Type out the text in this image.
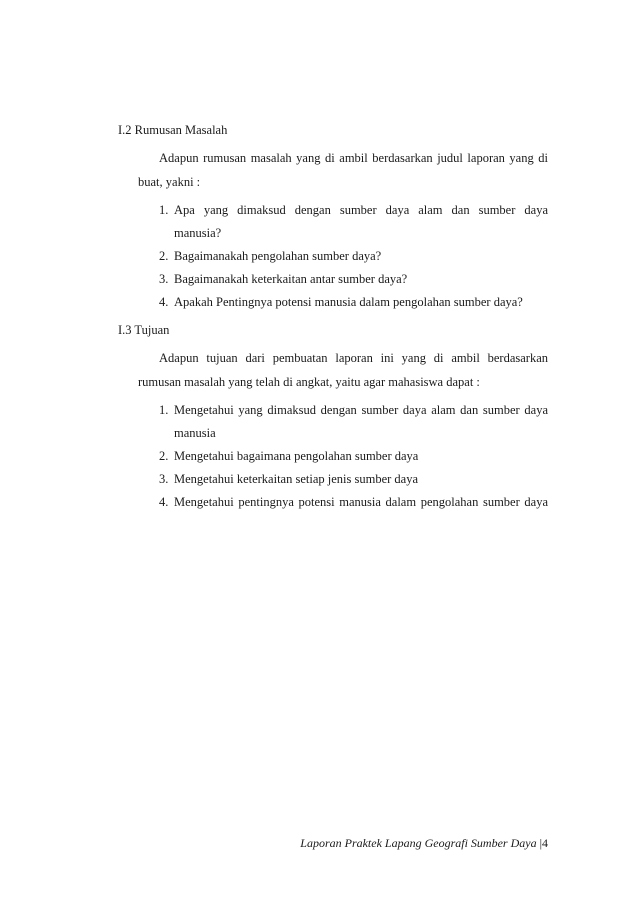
I.2 Rumusan Masalah
Adapun rumusan masalah yang di ambil berdasarkan judul laporan yang di
buat, yakni :
1. Apa yang dimaksud dengan sumber daya alam dan sumber daya
manusia?
2. Bagaimanakah pengolahan sumber daya?
3. Bagaimanakah keterkaitan antar sumber daya?
4. Apakah Pentingnya potensi manusia dalam pengolahan sumber daya?
I.3 Tujuan
Adapun tujuan dari pembuatan laporan ini yang di ambil berdasarkan
rumusan masalah yang telah di angkat, yaitu agar mahasiswa dapat :
1. Mengetahui yang dimaksud dengan sumber daya alam dan sumber daya
manusia
2. Mengetahui bagaimana pengolahan sumber daya
3. Mengetahui keterkaitan setiap jenis sumber daya
4. Mengetahui pentingnya potensi manusia dalam pengolahan sumber daya
Laporan Praktek Lapang Geografi Sumber Daya |4
